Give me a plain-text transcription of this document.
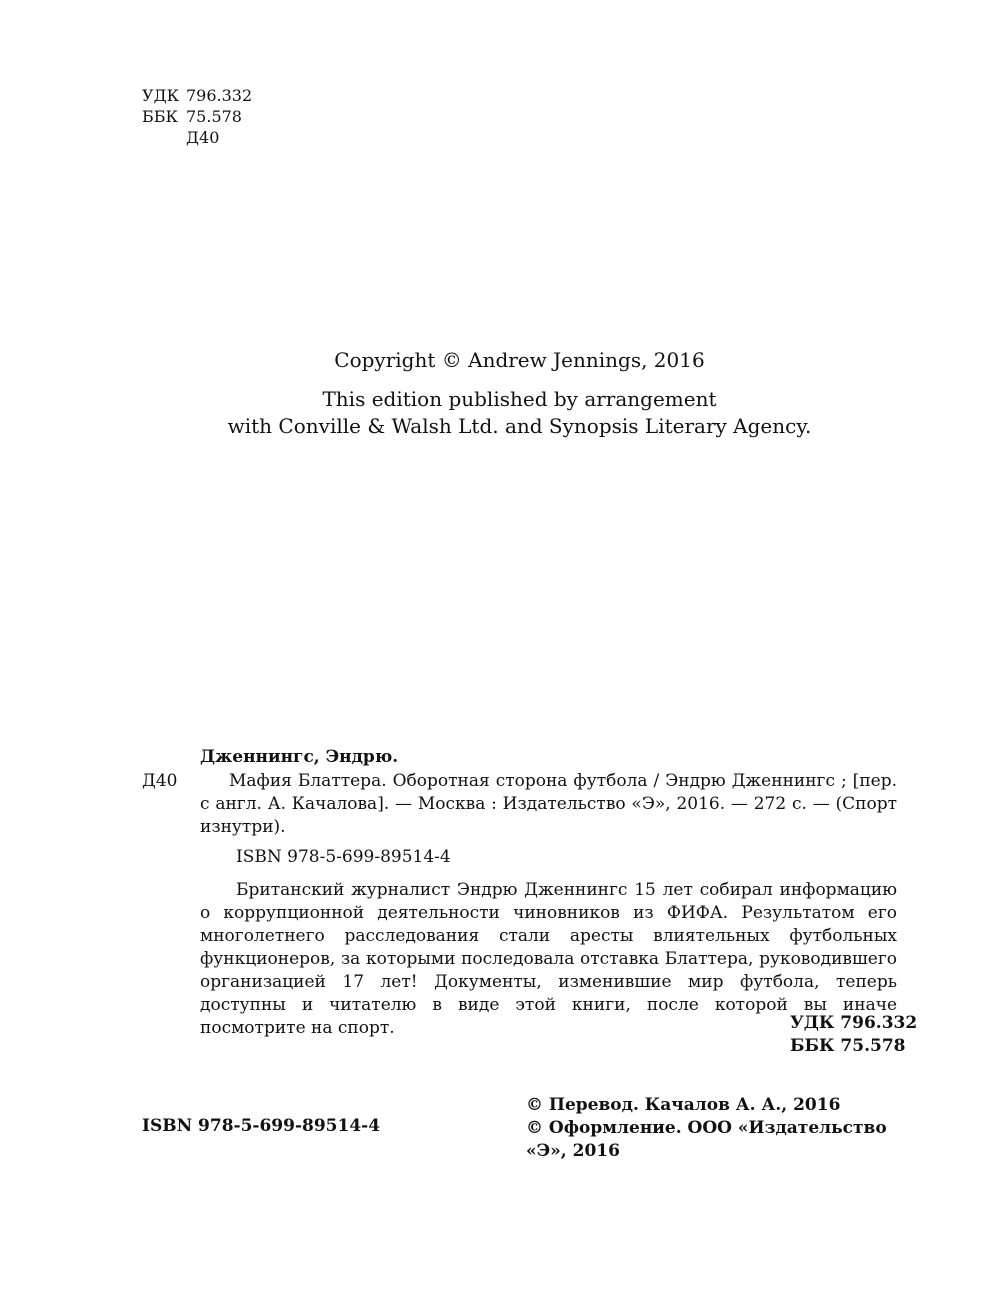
УДК 796.332
ББК 75.578
Д40
Copyright © Andrew Jennings, 2016
This edition published by arrangement
with Conville & Walsh Ltd. and Synopsis Literary Agency.
Дженнингс, Эндрю.
Д40	Мафия Блаттера. Оборотная сторона футбола / Эндрю Дженнингс ; [пер. с англ. А. Качалова]. — Москва : Издательство «Э», 2016. — 272 с. — (Спорт изнутри).
ISBN 978-5-699-89514-4
Британский журналист Эндрю Дженнингс 15 лет собирал информацию о коррупционной деятельности чиновников из ФИФА. Результатом его многолетнего расследования стали аресты влиятельных футбольных функционеров, за которыми последовала отставка Блаттера, руководившего организацией 17 лет! Документы, изменившие мир футбола, теперь доступны и читателю в виде этой книги, после которой вы иначе посмотрите на спорт.	УДК 796.332
ББК 75.578
ISBN 978-5-699-89514-4
© Перевод. Качалов А. А., 2016
© Оформление. ООО «Издательство «Э», 2016
